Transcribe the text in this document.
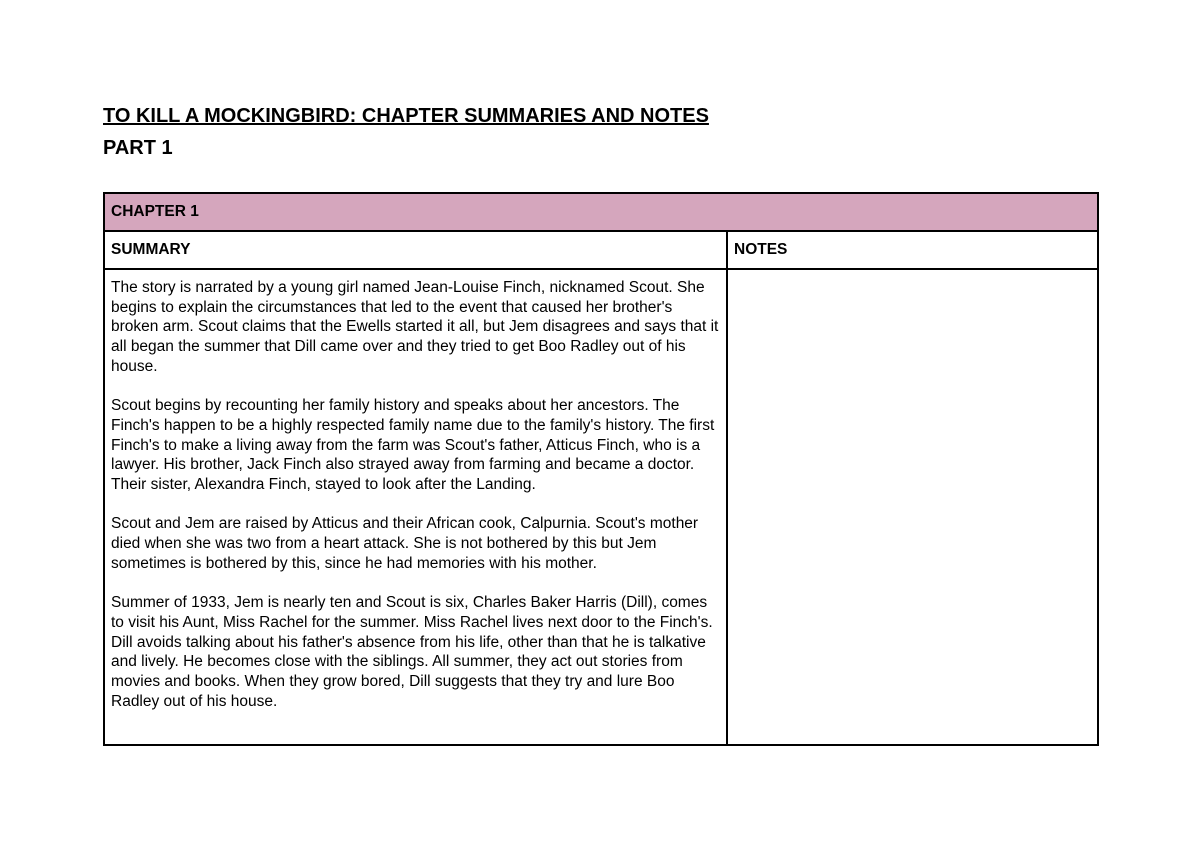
TO KILL A MOCKINGBIRD: CHAPTER SUMMARIES AND NOTES
PART 1
CHAPTER 1	
SUMMARY	NOTES

The story is narrated by a young girl named Jean-Louise Finch, nicknamed Scout. She begins to explain the circumstances that led to the event that caused her brother's broken arm. Scout claims that the Ewells started it all, but Jem disagrees and says that it all began the summer that Dill came over and they tried to get Boo Radley out of his house.

Scout begins by recounting her family history and speaks about her ancestors. The Finch's happen to be a highly respected family name due to the family's history. The first Finch's to make a living away from the farm was Scout's father, Atticus Finch, who is a lawyer. His brother, Jack Finch also strayed away from farming and became a doctor. Their sister, Alexandra Finch, stayed to look after the Landing.

Scout and Jem are raised by Atticus and their African cook, Calpurnia. Scout's mother died when she was two from a heart attack. She is not bothered by this but Jem sometimes is bothered by this, since he had memories with his mother.

Summer of 1933, Jem is nearly ten and Scout is six, Charles Baker Harris (Dill), comes to visit his Aunt, Miss Rachel for the summer. Miss Rachel lives next door to the Finch's. Dill avoids talking about his father's absence from his life, other than that he is talkative and lively. He becomes close with the siblings. All summer, they act out stories from movies and books. When they grow bored, Dill suggests that they try and lure Boo Radley out of his house.	
